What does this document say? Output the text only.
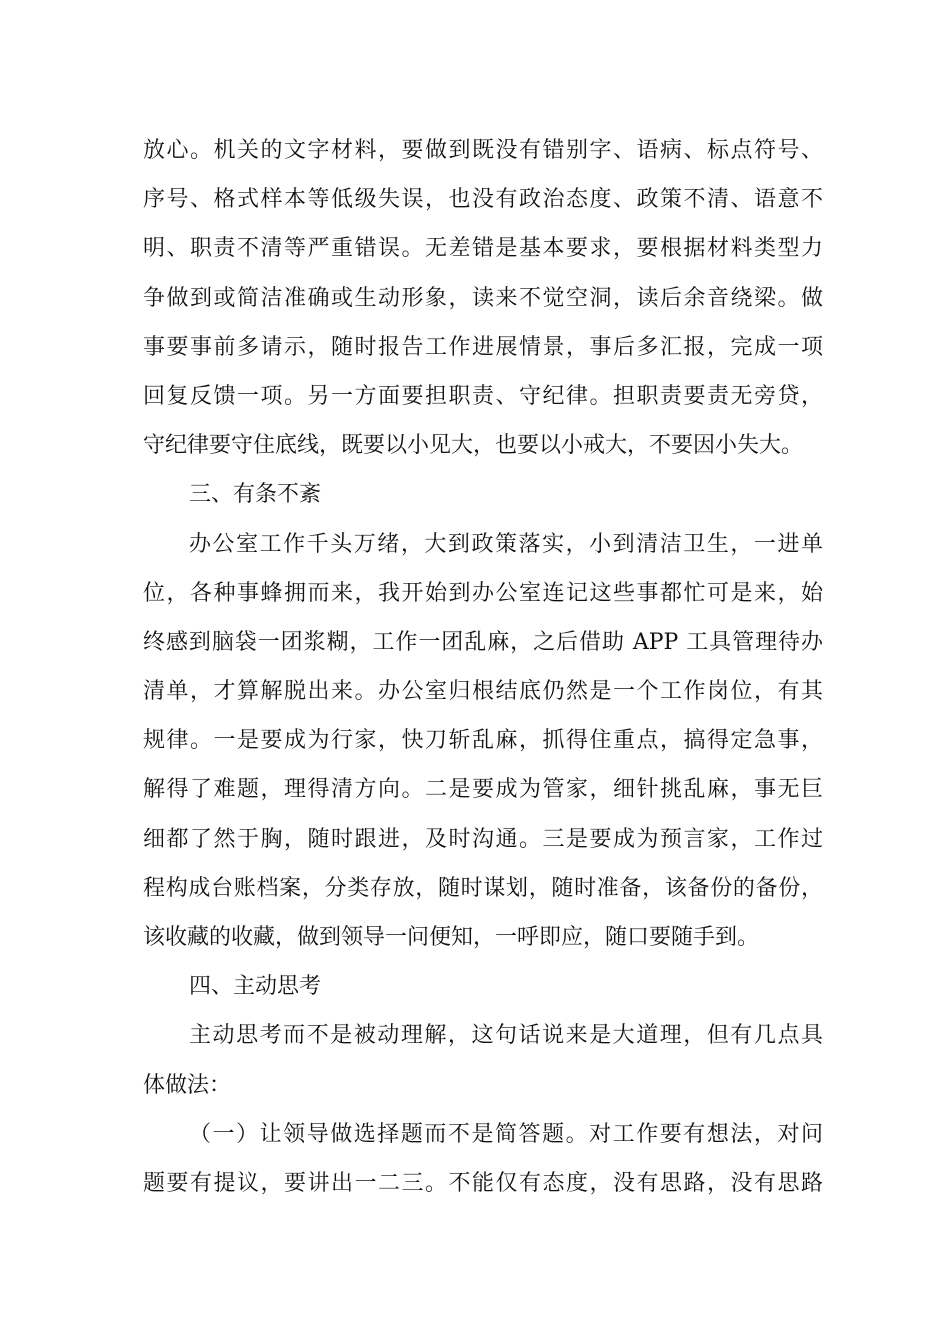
放心。机关的文字材料，要做到既没有错别字、语病、标点符号、
序号、格式样本等低级失误，也没有政治态度、政策不清、语意不
明、职责不清等严重错误。无差错是基本要求，要根据材料类型力
争做到或简洁准确或生动形象，读来不觉空洞，读后余音绕梁。做
事要事前多请示，随时报告工作进展情景，事后多汇报，完成一项
回复反馈一项。另一方面要担职责、守纪律。担职责要责无旁贷，
守纪律要守住底线，既要以小见大，也要以小戒大，不要因小失大。
三、有条不紊
办公室工作千头万绪，大到政策落实，小到清洁卫生，一进单
位，各种事蜂拥而来，我开始到办公室连记这些事都忙可是来，始
终感到脑袋一团浆糊，工作一团乱麻，之后借助 APP 工具管理待办
清单，才算解脱出来。办公室归根结底仍然是一个工作岗位，有其
规律。一是要成为行家，快刀斩乱麻，抓得住重点，搞得定急事，
解得了难题，理得清方向。二是要成为管家，细针挑乱麻，事无巨
细都了然于胸，随时跟进，及时沟通。三是要成为预言家，工作过
程构成台账档案，分类存放，随时谋划，随时准备，该备份的备份，
该收藏的收藏，做到领导一问便知，一呼即应，随口要随手到。
四、主动思考
主动思考而不是被动理解，这句话说来是大道理，但有几点具
体做法：
（一）让领导做选择题而不是简答题。对工作要有想法，对问
题要有提议，要讲出一二三。不能仅有态度，没有思路，没有思路
